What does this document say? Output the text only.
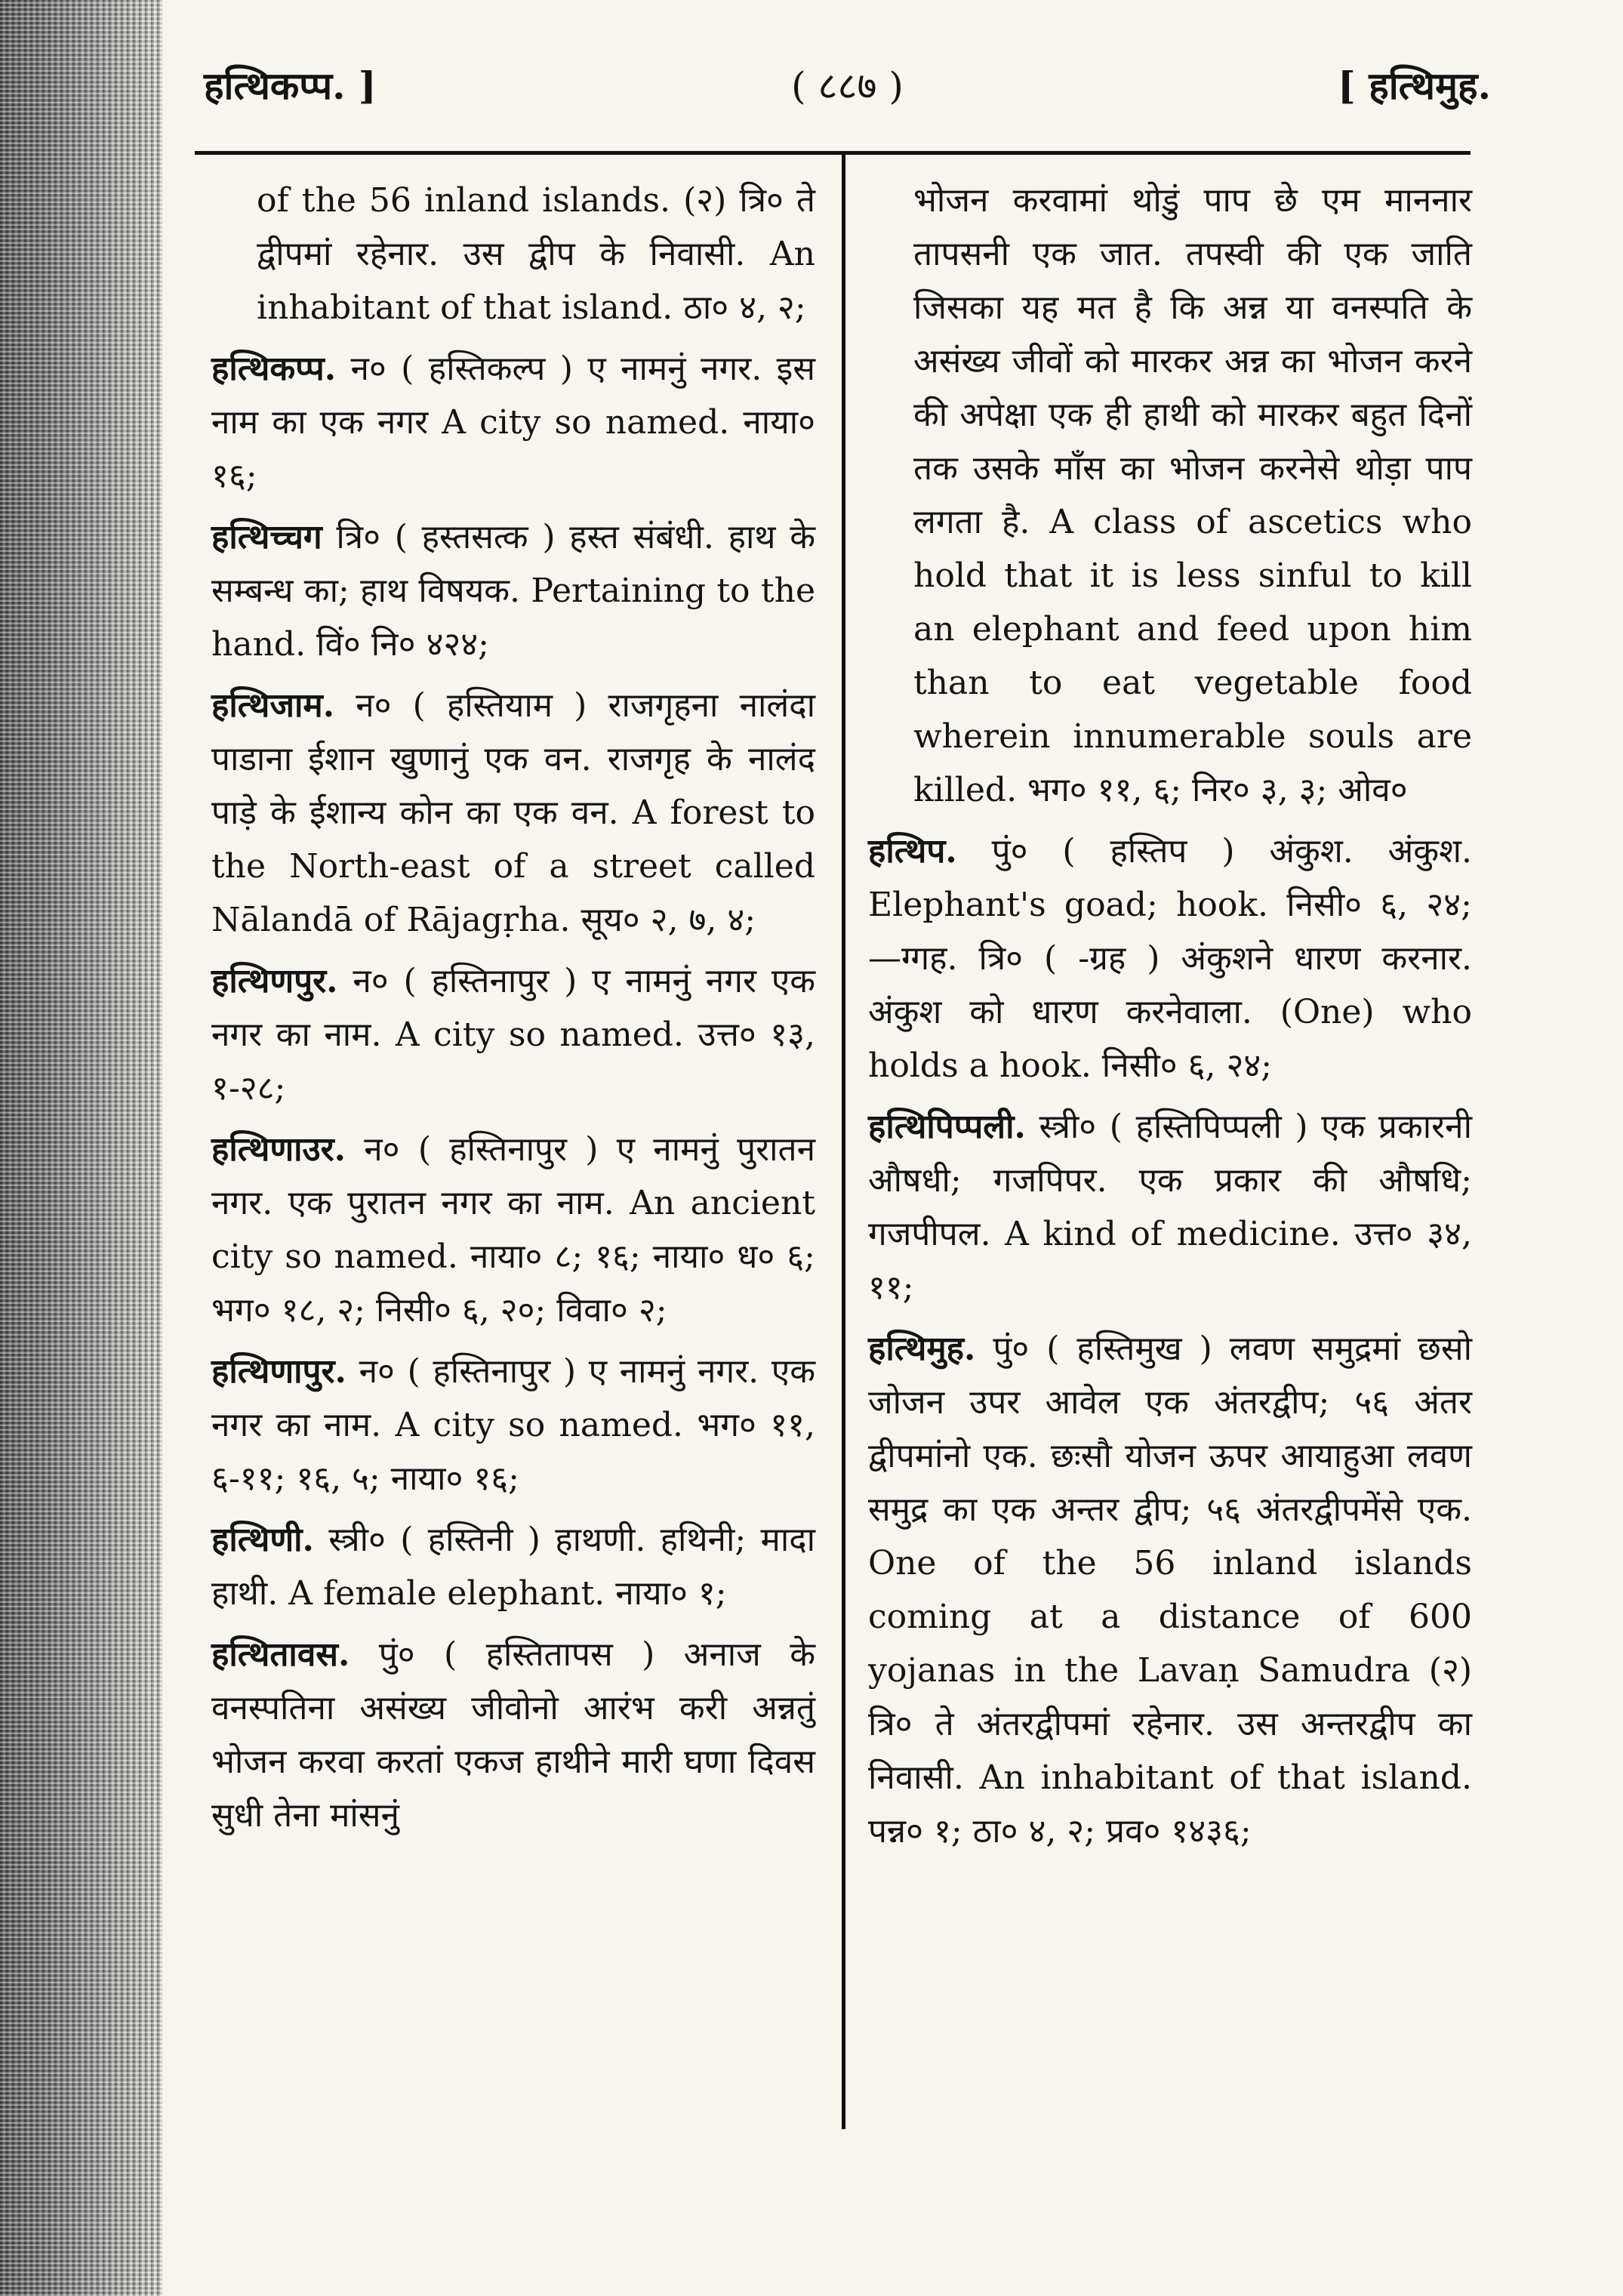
( ८८७ )
हत्थिकप्प. ]	[ हत्थिमुह.
of the 56 inland islands. (२) त्रि० ते द्वीपमां रहेनार. उस द्वीप के निवासी. An inhabitant of that island. ठा० ४, २;
हत्थिकप्प. न० ( हस्तिकल्प ) ए नामनुं नगर. इस नाम का एक नगर A city so named. नाया० १६;
हत्थिच्चग त्रि० ( हस्तसत्क ) हस्त संबंधी. हाथ के सम्बन्ध का; हाथ विषयक. Pertaining to the hand. विं० नि० ४२४;
हत्थिजाम. न० ( हस्तियाम ) राजगृहना नालंदा पाडाना ईशान खुणानुं एक वन. राजगृह के नालंद पाड़े के ईशान्य कोन का एक वन. A forest to the North-east of a street called Nālandā of Rājagṛha. सूय० २, ७, ४;
हत्थिणपुर. न० ( हस्तिनापुर ) ए नामनुं नगर एक नगर का नाम. A city so named. उत्त० १३, १-२८;
हत्थिणाउर. न० ( हस्तिनापुर ) ए नामनुं पुरातन नगर. एक पुरातन नगर का नाम. An ancient city so named. नाया० ८; १६; नाया० ध० ६; भग० १८, २; निसी० ६, २०; विवा० २;
हत्थिणापुर. न० ( हस्तिनापुर ) ए नामनुं नगर. एक नगर का नाम. A city so named. भग० ११, ६-११; १६, ५; नाया० १६;
हत्थिणी. स्त्री० ( हस्तिनी ) हाथणी. हथिनी; मादा हाथी. A female elephant. नाया० १;
हत्थितावस. पुं० ( हस्तितापस ) अनाज के वनस्पतिना असंख्य जीवोनो आरंभ करी अन्नतुं भोजन करवा करतां एकज हाथीने मारी घणा दिवस सुधी तेना मांसनुं
भोजन करवामां थोडुं पाप छे एम माननार तापसनी एक जात. तपस्वी की एक जाति जिसका यह मत है कि अन्न या वनस्पति के असंख्य जीवों को मारकर अन्न का भोजन करने की अपेक्षा एक ही हाथी को मारकर बहुत दिनों तक उसके माँस का भोजन करनेसे थोड़ा पाप लगता है. A class of ascetics who hold that it is less sinful to kill an elephant and feed upon him than to eat vegetable food wherein innumerable souls are killed. भग० ११, ६; निर० ३, ३; ओव०
हत्थिप. पुं० ( हस्तिप ) अंकुश. अंकुश. Elephant's goad; hook. निसी० ६, २४; —ग्गह. त्रि० ( -ग्रह ) अंकुशने धारण करनार. अंकुश को धारण करनेवाला. (One) who holds a hook. निसी० ६, २४;
हत्थिपिप्पली. स्त्री० ( हस्तिपिप्पली ) एक प्रकारनी औषधी; गजपिपर. एक प्रकार की औषधि; गजपीपल. A kind of medicine. उत्त० ३४, ११;
हत्थिमुह. पुं० ( हस्तिमुख ) लवण समुद्रमां छसो जोजन उपर आवेल एक अंतरद्वीप; ५६ अंतर द्वीपमांनो एक. छःसौ योजन ऊपर आयाहुआ लवण समुद्र का एक अन्तर द्वीप; ५६ अंतरद्वीपमेंसे एक. One of the 56 inland islands coming at a distance of 600 yojanas in the Lavaṇ Samudra (२) त्रि० ते अंतरद्वीपमां रहेनार. उस अन्तरद्वीप का निवासी. An inhabitant of that island. पन्न० १; ठा० ४, २; प्रव० १४३६;
